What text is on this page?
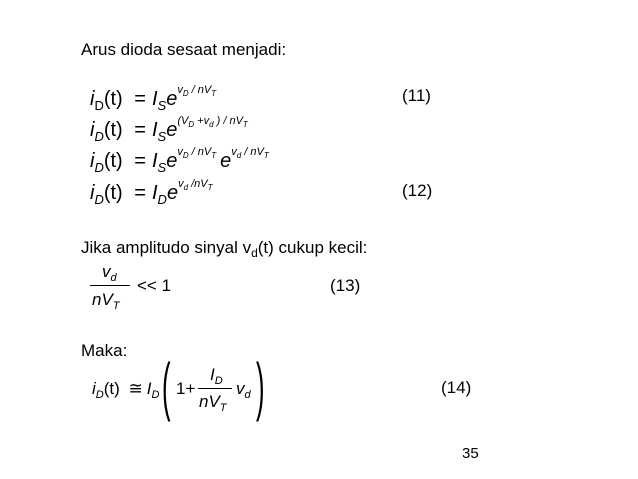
Arus dioda sesaat menjadi:
$i_D(t) = I_Se^{v_D / nV_T}$	(11)
$i_D(t) = I_Se^{(V_D +v_d ) / nV_T}$
$i_D(t) = I_Se^{v_D / nV_T}$ $e^{v_d / nV_T}$
$i_D(t) = I_De^{v_d /nV_T}$	(12)
Jika amplitudo sinyal $v_d(t)$ cukup kecil:
$v_d$
$nV_T$
<< 1	(13)
Maka:
$i_D(t)$ ≅ $I_D$ ( 1+
$I_D$
$nV_T$
$v_d$ )	(14)
35
